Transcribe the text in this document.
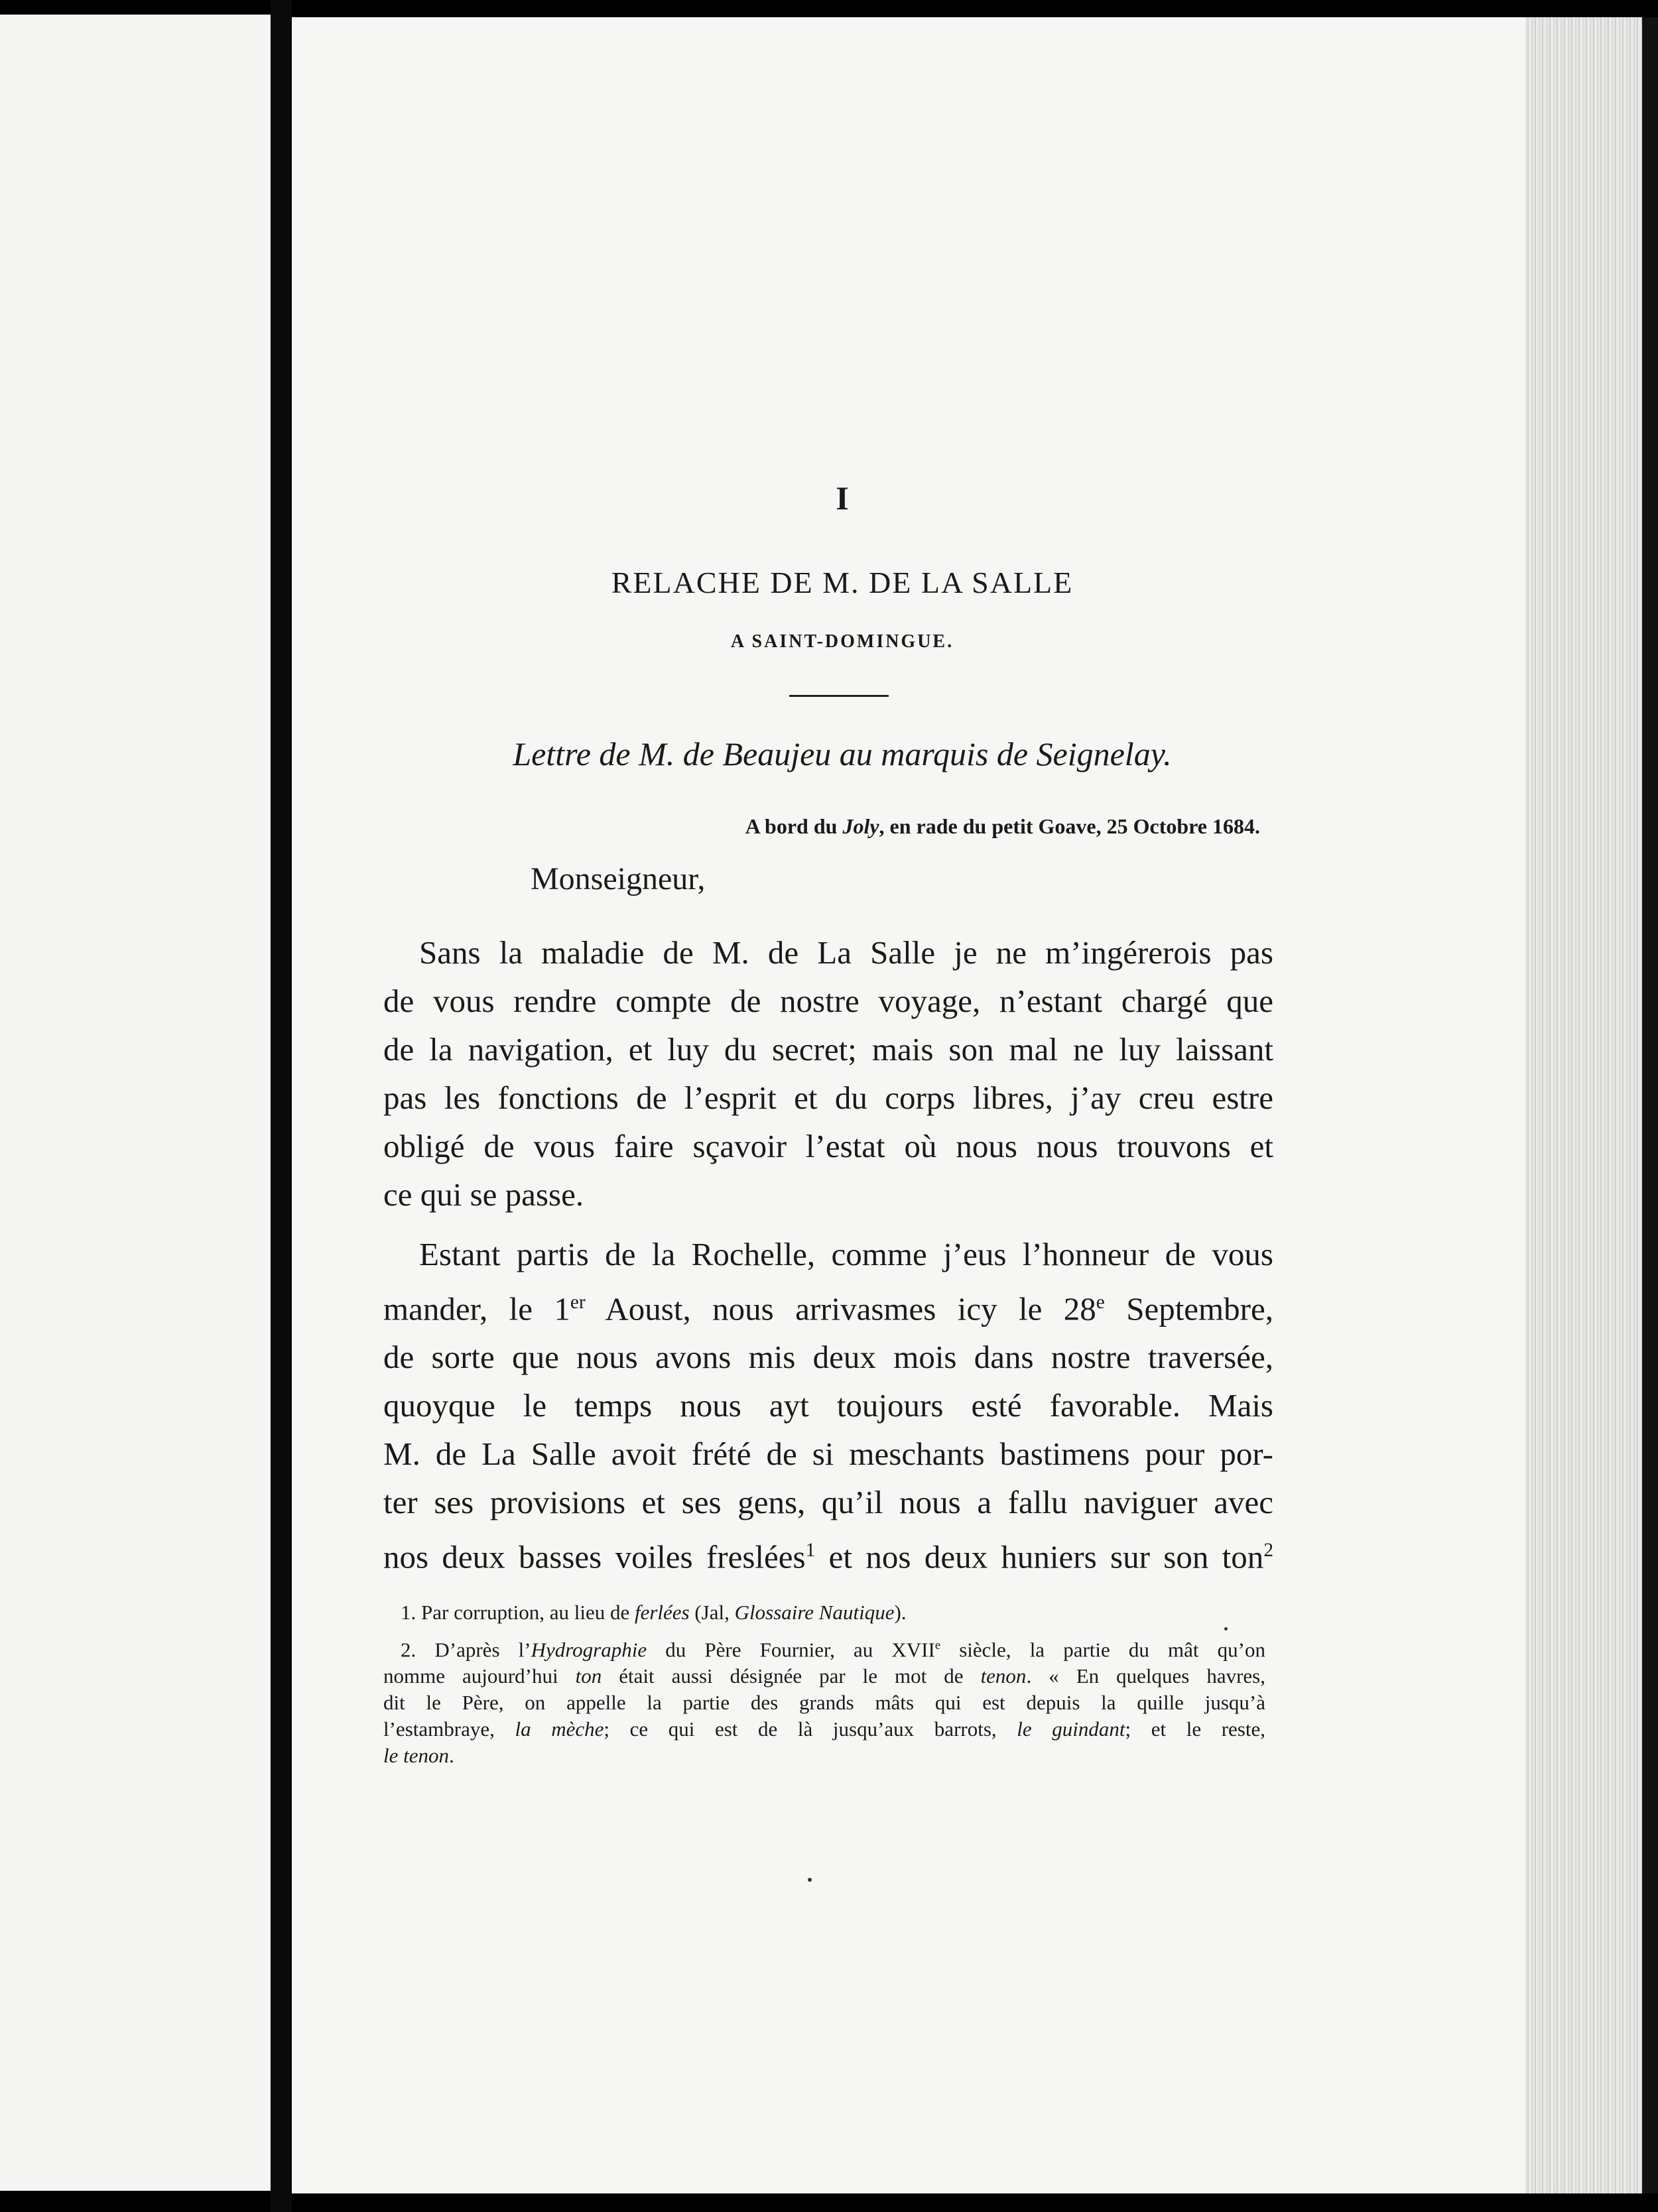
I
RELACHE DE M. DE LA SALLE
A SAINT-DOMINGUE.
Lettre de M. de Beaujeu au marquis de Seignelay.
A bord du Joly, en rade du petit Goave, 25 Octobre 1684.
Monseigneur,
Sans la maladie de M. de La Salle je ne m’ingérerois pas
de vous rendre compte de nostre voyage, n’estant chargé que
de la navigation, et luy du secret; mais son mal ne luy laissant
pas les fonctions de l’esprit et du corps libres, j’ay creu estre
obligé de vous faire sçavoir l’estat où nous nous trouvons et
ce qui se passe.
Estant partis de la Rochelle, comme j’eus l’honneur de vous
mander, le 1er Aoust, nous arrivasmes icy le 28e Septembre,
de sorte que nous avons mis deux mois dans nostre traversée,
quoyque le temps nous ayt toujours esté favorable. Mais
M. de La Salle avoit frété de si meschants bastimens pour por-
ter ses provisions et ses gens, qu’il nous a fallu naviguer avec
nos deux basses voiles freslées$^1$ et nos deux huniers sur son ton$^2$
1. Par corruption, au lieu de ferlées (Jal, Glossaire Nautique).
2. D’après l’Hydrographie du Père Fournier, au XVIIe siècle, la partie du mât qu’on
nomme aujourd’hui ton était aussi désignée par le mot de tenon. « En quelques havres,
dit le Père, on appelle la partie des grands mâts qui est depuis la quille jusqu’à
l’estambraye, la mèche; ce qui est de là jusqu’aux barrots, le guindant; et le reste,
le tenon.
